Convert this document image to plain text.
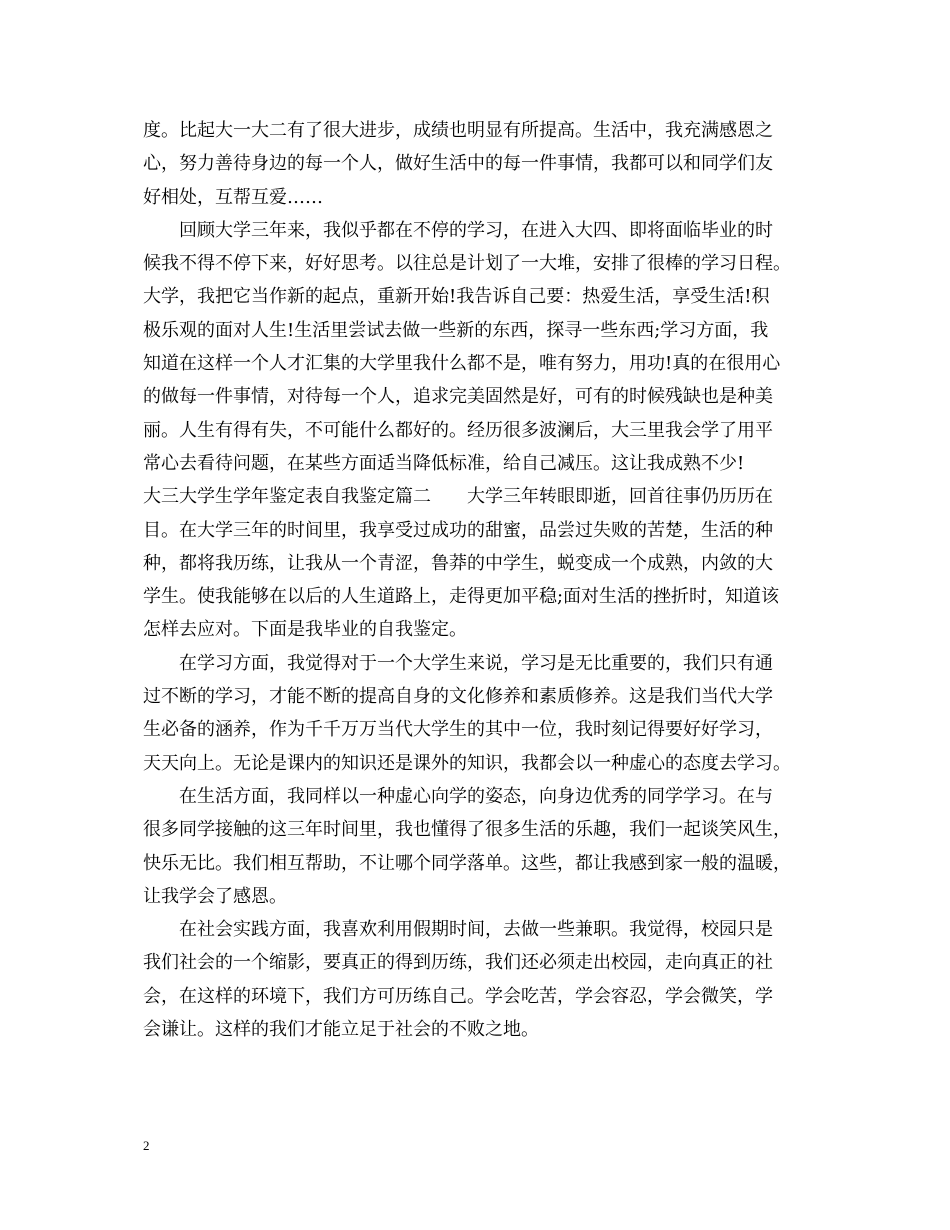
度。比起大一大二有了很大进步，成绩也明显有所提高。生活中，我充满感恩之
心，努力善待身边的每一个人，做好生活中的每一件事情，我都可以和同学们友
好相处，互帮互爱……
　　回顾大学三年来，我似乎都在不停的学习，在进入大四、即将面临毕业的时
候我不得不停下来，好好思考。以往总是计划了一大堆，安排了很棒的学习日程。
大学，我把它当作新的起点，重新开始!我告诉自己要：热爱生活，享受生活!积
极乐观的面对人生!生活里尝试去做一些新的东西，探寻一些东西;学习方面，我
知道在这样一个人才汇集的大学里我什么都不是，唯有努力，用功!真的在很用心
的做每一件事情，对待每一个人，追求完美固然是好，可有的时候残缺也是种美
丽。人生有得有失，不可能什么都好的。经历很多波澜后，大三里我会学了用平
常心去看待问题，在某些方面适当降低标准，给自己减压。这让我成熟不少!
大三大学生学年鉴定表自我鉴定篇二　　大学三年转眼即逝，回首往事仍历历在
目。在大学三年的时间里，我享受过成功的甜蜜，品尝过失败的苦楚，生活的种
种，都将我历练，让我从一个青涩，鲁莽的中学生，蜕变成一个成熟，内敛的大
学生。使我能够在以后的人生道路上，走得更加平稳;面对生活的挫折时，知道该
怎样去应对。下面是我毕业的自我鉴定。
　　在学习方面，我觉得对于一个大学生来说，学习是无比重要的，我们只有通
过不断的学习，才能不断的提高自身的文化修养和素质修养。这是我们当代大学
生必备的涵养，作为千千万万当代大学生的其中一位，我时刻记得要好好学习，
天天向上。无论是课内的知识还是课外的知识，我都会以一种虚心的态度去学习。
　　在生活方面，我同样以一种虚心向学的姿态，向身边优秀的同学学习。在与
很多同学接触的这三年时间里，我也懂得了很多生活的乐趣，我们一起谈笑风生，
快乐无比。我们相互帮助，不让哪个同学落单。这些，都让我感到家一般的温暖，
让我学会了感恩。
　　在社会实践方面，我喜欢利用假期时间，去做一些兼职。我觉得，校园只是
我们社会的一个缩影，要真正的得到历练，我们还必须走出校园，走向真正的社
会，在这样的环境下，我们方可历练自己。学会吃苦，学会容忍，学会微笑，学
会谦让。这样的我们才能立足于社会的不败之地。
2
